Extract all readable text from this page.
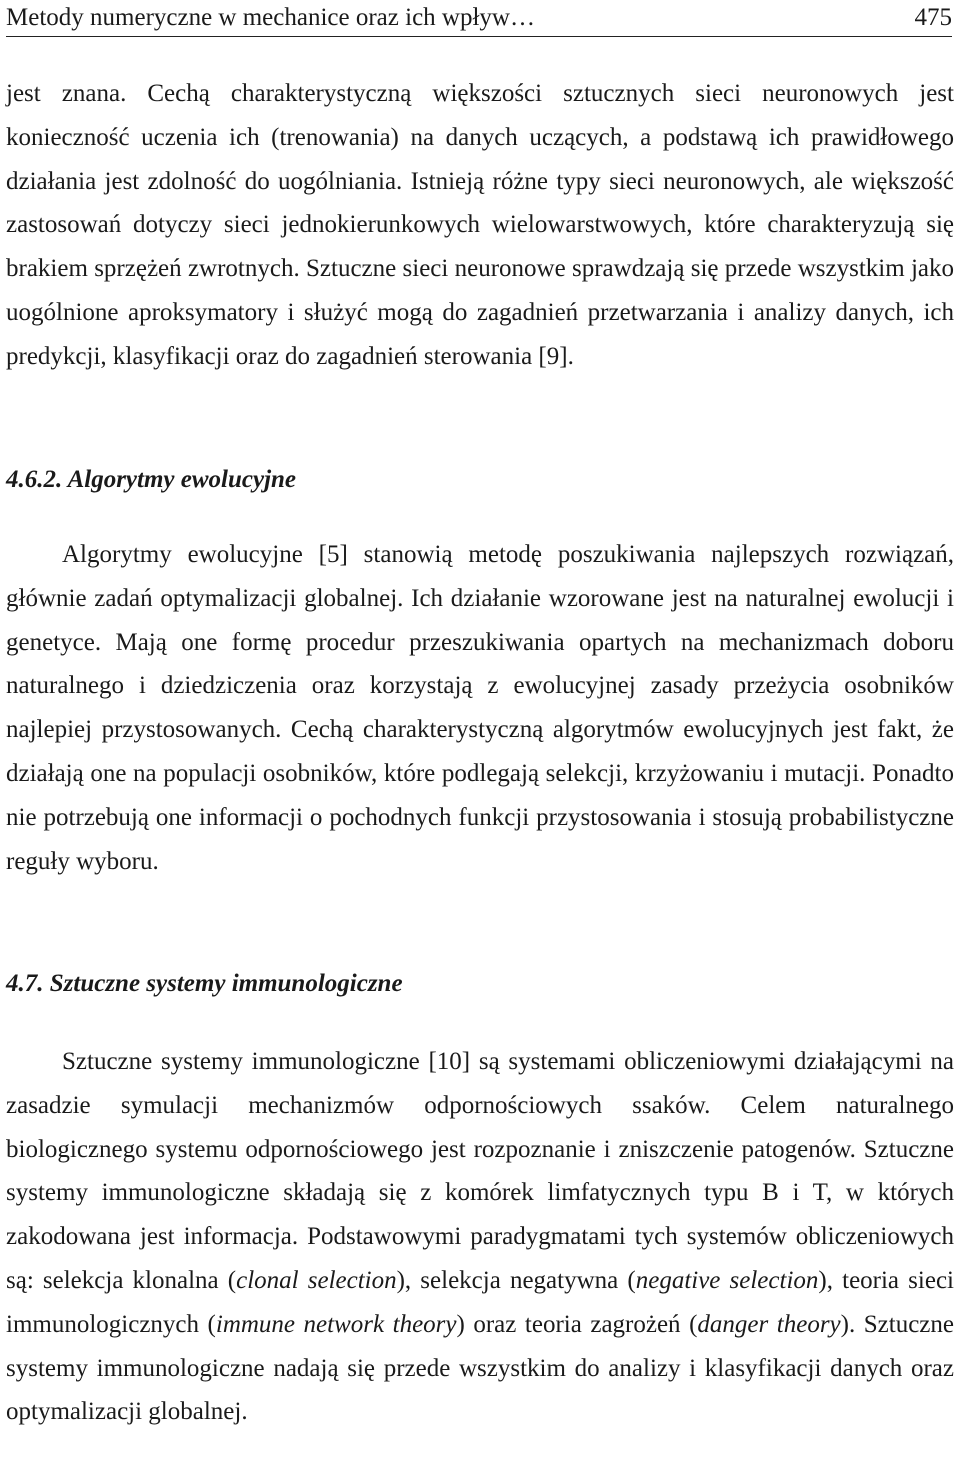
Metody numeryczne w mechanice oraz ich wpływ…	475

jest znana. Cechą charakterystyczną większości sztucznych sieci neuronowych jest konieczność uczenia ich (trenowania) na danych uczących, a podstawą ich prawidłowego działania jest zdolność do uogólniania. Istnieją różne typy sieci neuronowych, ale większość zastosowań dotyczy sieci jednokierunkowych wielowarstwowych, które charakteryzują się brakiem sprzężeń zwrotnych. Sztuczne sieci neuronowe sprawdzają się przede wszystkim jako uogólnione aproksymatory i służyć mogą do zagadnień przetwarzania i analizy danych, ich predykcji, klasyfikacji oraz do zagadnień sterowania [9].

4.6.2. Algorytmy ewolucyjne

Algorytmy ewolucyjne [5] stanowią metodę poszukiwania najlepszych rozwiązań, głównie zadań optymalizacji globalnej. Ich działanie wzorowane jest na naturalnej ewolucji i genetyce. Mają one formę procedur przeszukiwania opartych na mechanizmach doboru naturalnego i dziedziczenia oraz korzystają z ewolucyjnej zasady przeżycia osobników najlepiej przystosowanych. Cechą charakterystyczną algorytmów ewolucyjnych jest fakt, że działają one na populacji osobników, które podlegają selekcji, krzyżowaniu i mutacji. Ponadto nie potrzebują one informacji o pochodnych funkcji przystosowania i stosują probabilistyczne reguły wyboru.

4.7. Sztuczne systemy immunologiczne

Sztuczne systemy immunologiczne [10] są systemami obliczeniowymi działającymi na zasadzie symulacji mechanizmów odpornościowych ssaków. Celem naturalnego biologicznego systemu odpornościowego jest rozpoznanie i zniszczenie patogenów. Sztuczne systemy immunologiczne składają się z komórek limfatycznych typu B i T, w których zakodowana jest informacja. Podstawowymi paradygmatami tych systemów obliczeniowych są: selekcja klonalna (clonal selection), selekcja negatywna (negative selection), teoria sieci immunologicznych (immune network theory) oraz teoria zagrożeń (danger theory). Sztuczne systemy immunologiczne nadają się przede wszystkim do analizy i klasyfikacji danych oraz optymalizacji globalnej.
